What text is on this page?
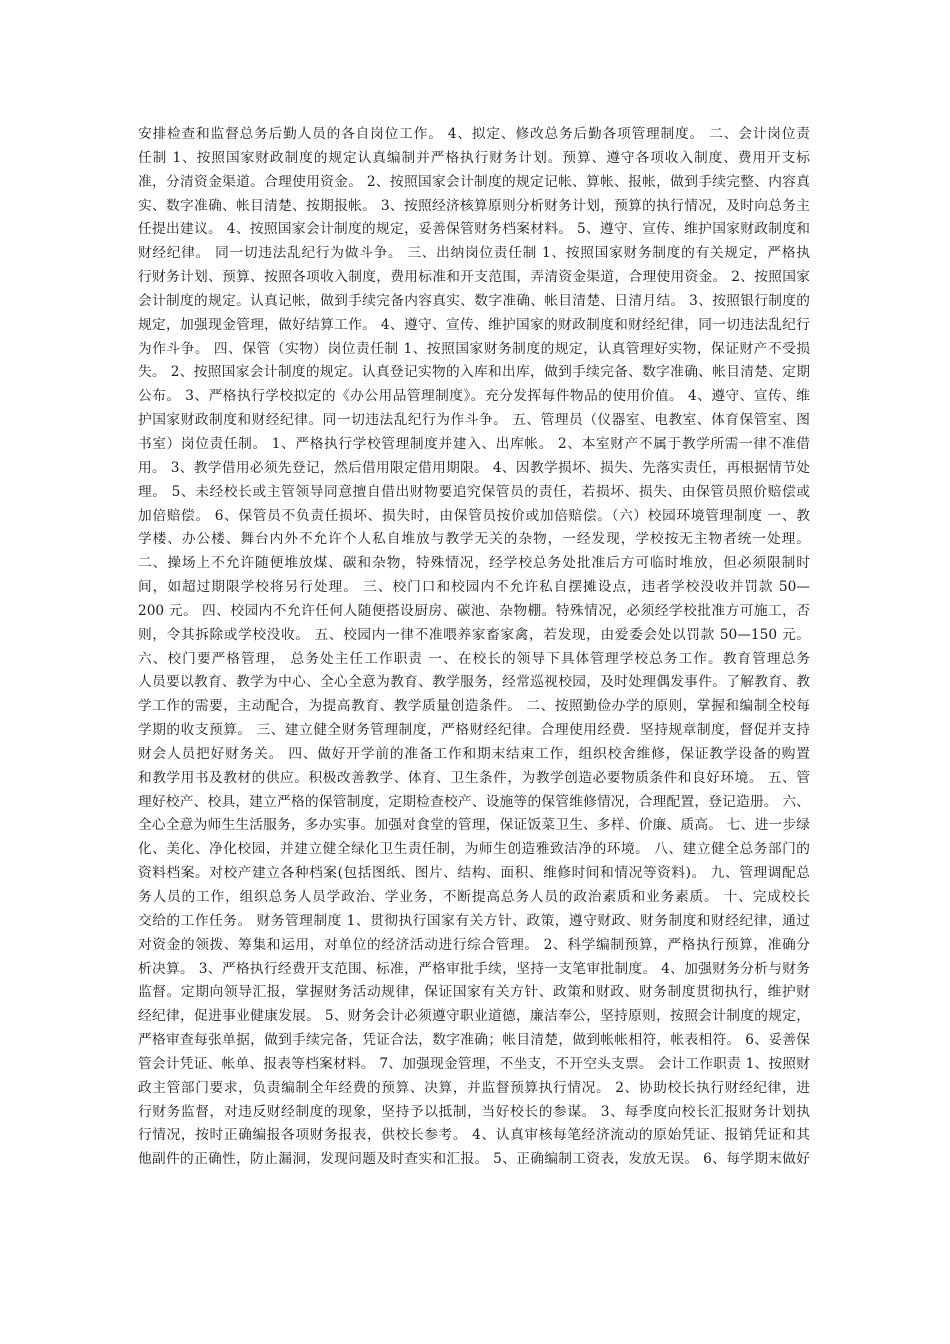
安排检查和监督总务后勤人员的各自岗位工作。 4、拟定、修改总务后勤各项管理制度。 二、会计岗位责
任制 1、按照国家财政制度的规定认真编制并严格执行财务计划。预算、遵守各项收入制度、费用开支标
准，分清资金渠道。合理使用资金。 2、按照国家会计制度的规定记帐、算帐、报帐，做到手续完整、内容真
实、数字准确、帐目清楚、按期报帐。 3、按照经济核算原则分析财务计划，预算的执行情况，及时向总务主
任提出建议。 4、按照国家会计制度的规定，妥善保管财务档案材料。 5、遵守、宣传、维护国家财政制度和
财经纪律。 同一切违法乱纪行为做斗争。 三、出纳岗位责任制 1、按照国家财务制度的有关规定，严格执
行财务计划、预算、按照各项收入制度，费用标准和开支范围，弄清资金渠道，合理使用资金。 2、按照国家
会计制度的规定。认真记帐，做到手续完备内容真实、数字准确、帐目清楚、日清月结。 3、按照银行制度的
规定，加强现金管理，做好结算工作。 4、遵守、宣传、维护国家的财政制度和财经纪律，同一切违法乱纪行
为作斗争。 四、保管（实物）岗位责任制 1、按照国家财务制度的规定，认真管理好实物，保证财产不受损
失。 2、按照国家会计制度的规定。认真登记实物的入库和出库，做到手续完备、数字准确、帐目清楚、定期
公布。 3、严格执行学校拟定的《办公用品管理制度》。充分发挥每件物品的使用价值。 4、遵守、宣传、维
护国家财政制度和财经纪律。同一切违法乱纪行为作斗争。 五、管理员（仪器室、电教室、体育保管室、图
书室）岗位责任制。 1、严格执行学校管理制度并建入、出库帐。 2、本室财产不属于教学所需一律不准借
用。 3、教学借用必须先登记，然后借用限定借用期限。 4、因教学损坏、损失、先落实责任，再根据情节处
理。 5、未经校长或主管领导同意擅自借出财物要追究保管员的责任，若损坏、损失、由保管员照价赔偿或
加倍赔偿。 6、保管员不负责任损坏、损失时，由保管员按价或加倍赔偿。（六）校园环境管理制度 一、教
学楼、办公楼、舞台内外不允许个人私自堆放与教学无关的杂物，一经发现，学校按无主物者统一处理。
二、操场上不允许随便堆放煤、碳和杂物，特殊情况，经学校总务处批准后方可临时堆放，但必须限制时
间，如超过期限学校将另行处理。 三、校门口和校园内不允许私自摆摊设点，违者学校没收并罚款 50—
200 元。 四、校园内不允许任何人随便搭设厨房、碳池、杂物棚。特殊情况，必须经学校批准方可施工，否
则，令其拆除或学校没收。 五、校园内一律不准喂养家畜家禽，若发现，由爱委会处以罚款 50—150 元。
六、校门要严格管理， 总务处主任工作职责 一、在校长的领导下具体管理学校总务工作。教育管理总务
人员要以教育、教学为中心、全心全意为教育、教学服务，经常巡视校园，及时处理偶发事件。了解教育、教
学工作的需要，主动配合，为提高教育、教学质量创造条件。 二、按照勤俭办学的原则，掌握和编制全校每
学期的收支预算。 三、建立健全财务管理制度，严格财经纪律。合理使用经费．坚持规章制度，督促并支持
财会人员把好财务关。 四、做好开学前的准备工作和期末结束工作，组织校舍维修，保证教学设备的购置
和教学用书及教材的供应。积极改善教学、体育、卫生条件，为教学创造必要物质条件和良好环境。 五、管
理好校产、校具，建立严格的保管制度，定期检查校产、设施等的保管维修情况，合理配置，登记造册。 六、
全心全意为师生生活服务，多办实事。加强对食堂的管理，保证饭菜卫生、多样、价廉、质高。 七、进一步绿
化、美化、净化校园，并建立健全绿化卫生责任制，为师生创造雅致洁净的环境。 八、建立健全总务部门的
资料档案。对校产建立各种档案(包括图纸、图片、结构、面积、维修时间和情况等资料)。 九、管理调配总
务人员的工作，组织总务人员学政治、学业务，不断提高总务人员的政治素质和业务素质。 十、完成校长
交给的工作任务。 财务管理制度 1、贯彻执行国家有关方针、政策，遵守财政、财务制度和财经纪律，通过
对资金的领拨、筹集和运用，对单位的经济活动进行综合管理。 2、科学编制预算，严格执行预算，准确分
析决算。 3、严格执行经费开支范围、标准，严格审批手续，坚持一支笔审批制度。 4、加强财务分析与财务
监督。定期向领导汇报，掌握财务活动规律，保证国家有关方针、政策和财政、财务制度贯彻执行，维护财
经纪律，促进事业健康发展。 5、财务会计必须遵守职业道德，廉洁奉公，坚持原则，按照会计制度的规定，
严格审查每张单据，做到手续完备，凭证合法，数字准确；帐目清楚，做到帐帐相符，帐表相符。 6、妥善保
管会计凭证、帐单、报表等档案材料。 7、加强现金管理，不坐支，不开空头支票。 会计工作职责 1、按照财
政主管部门要求，负责编制全年经费的预算、决算，并监督预算执行情况。 2、协助校长执行财经纪律，进
行财务监督，对违反财经制度的现象，坚持予以抵制，当好校长的参谋。 3、每季度向校长汇报财务计划执
行情况，按时正确编报各项财务报表，供校长参考。 4、认真审核每笔经济流动的原始凭证、报销凭证和其
他副件的正确性，防止漏洞，发现问题及时查实和汇报。 5、正确编制工资表，发放无误。 6、每学期末做好
